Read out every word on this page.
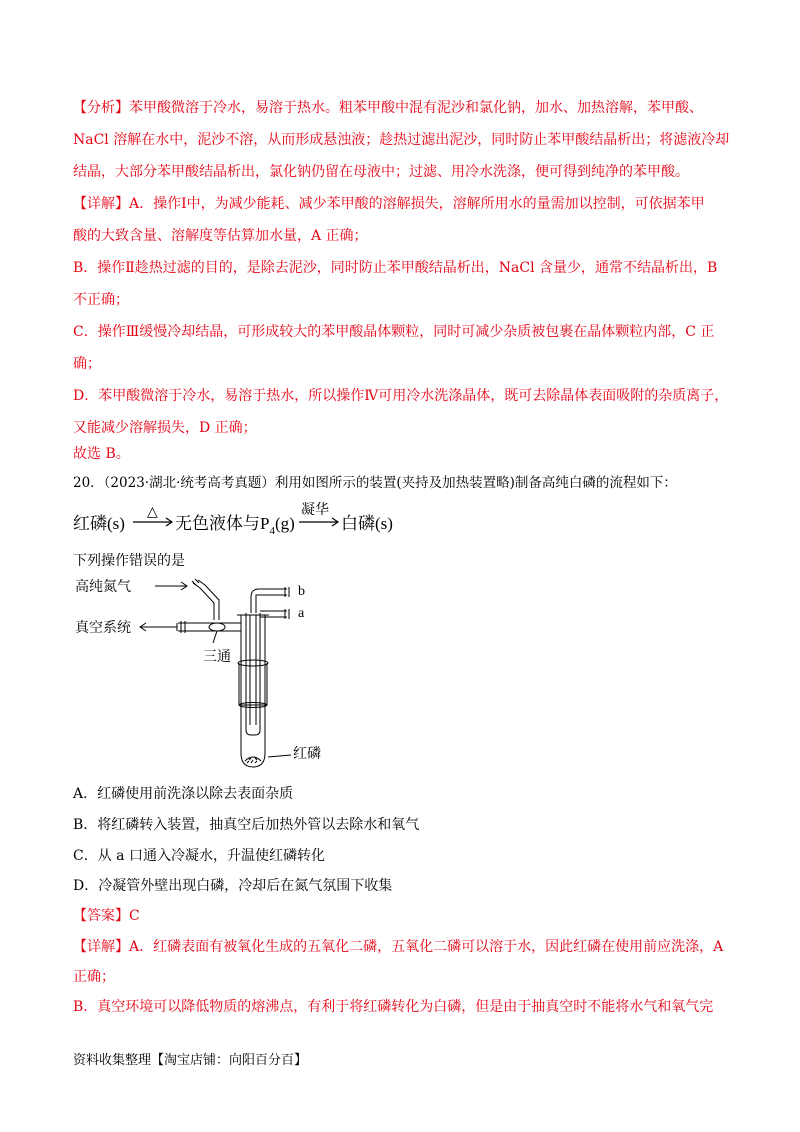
【分析】苯甲酸微溶于冷水，易溶于热水。粗苯甲酸中混有泥沙和氯化钠，加水、加热溶解，苯甲酸、
NaCl 溶解在水中，泥沙不溶，从而形成悬浊液；趁热过滤出泥沙，同时防止苯甲酸结晶析出；将滤液冷却
结晶，大部分苯甲酸结晶析出，氯化钠仍留在母液中；过滤、用冷水洗涤，便可得到纯净的苯甲酸。
【详解】A．操作Ⅰ中，为减少能耗、减少苯甲酸的溶解损失，溶解所用水的量需加以控制，可依据苯甲
酸的大致含量、溶解度等估算加水量，A 正确；
B．操作Ⅱ趁热过滤的目的，是除去泥沙，同时防止苯甲酸结晶析出，NaCl 含量少，通常不结晶析出，B
不正确；
C．操作Ⅲ缓慢冷却结晶，可形成较大的苯甲酸晶体颗粒，同时可减少杂质被包裹在晶体颗粒内部，C 正
确；
D．苯甲酸微溶于冷水，易溶于热水，所以操作Ⅳ可用冷水洗涤晶体，既可去除晶体表面吸附的杂质离子，
又能减少溶解损失，D 正确；
故选 B。
20．（2023·湖北·统考高考真题）利用如图所示的装置(夹持及加热装置略)制备高纯白磷的流程如下：
红磷(s)
△
无色液体与$P_4(g)$
凝华
白磷(s)
下列操作错误的是
高纯氮气
真空系统
三通
b
a
红磷
A．红磷使用前洗涤以除去表面杂质
B．将红磷转入装置，抽真空后加热外管以去除水和氧气
C．从 a 口通入冷凝水，升温使红磷转化
D．冷凝管外壁出现白磷，冷却后在氮气氛围下收集
【答案】C
【详解】A．红磷表面有被氧化生成的五氧化二磷，五氧化二磷可以溶于水，因此红磷在使用前应洗涤，A
正确；
B．真空环境可以降低物质的熔沸点，有利于将红磷转化为白磷，但是由于抽真空时不能将水气和氧气完
资料收集整理【淘宝店铺：向阳百分百】
